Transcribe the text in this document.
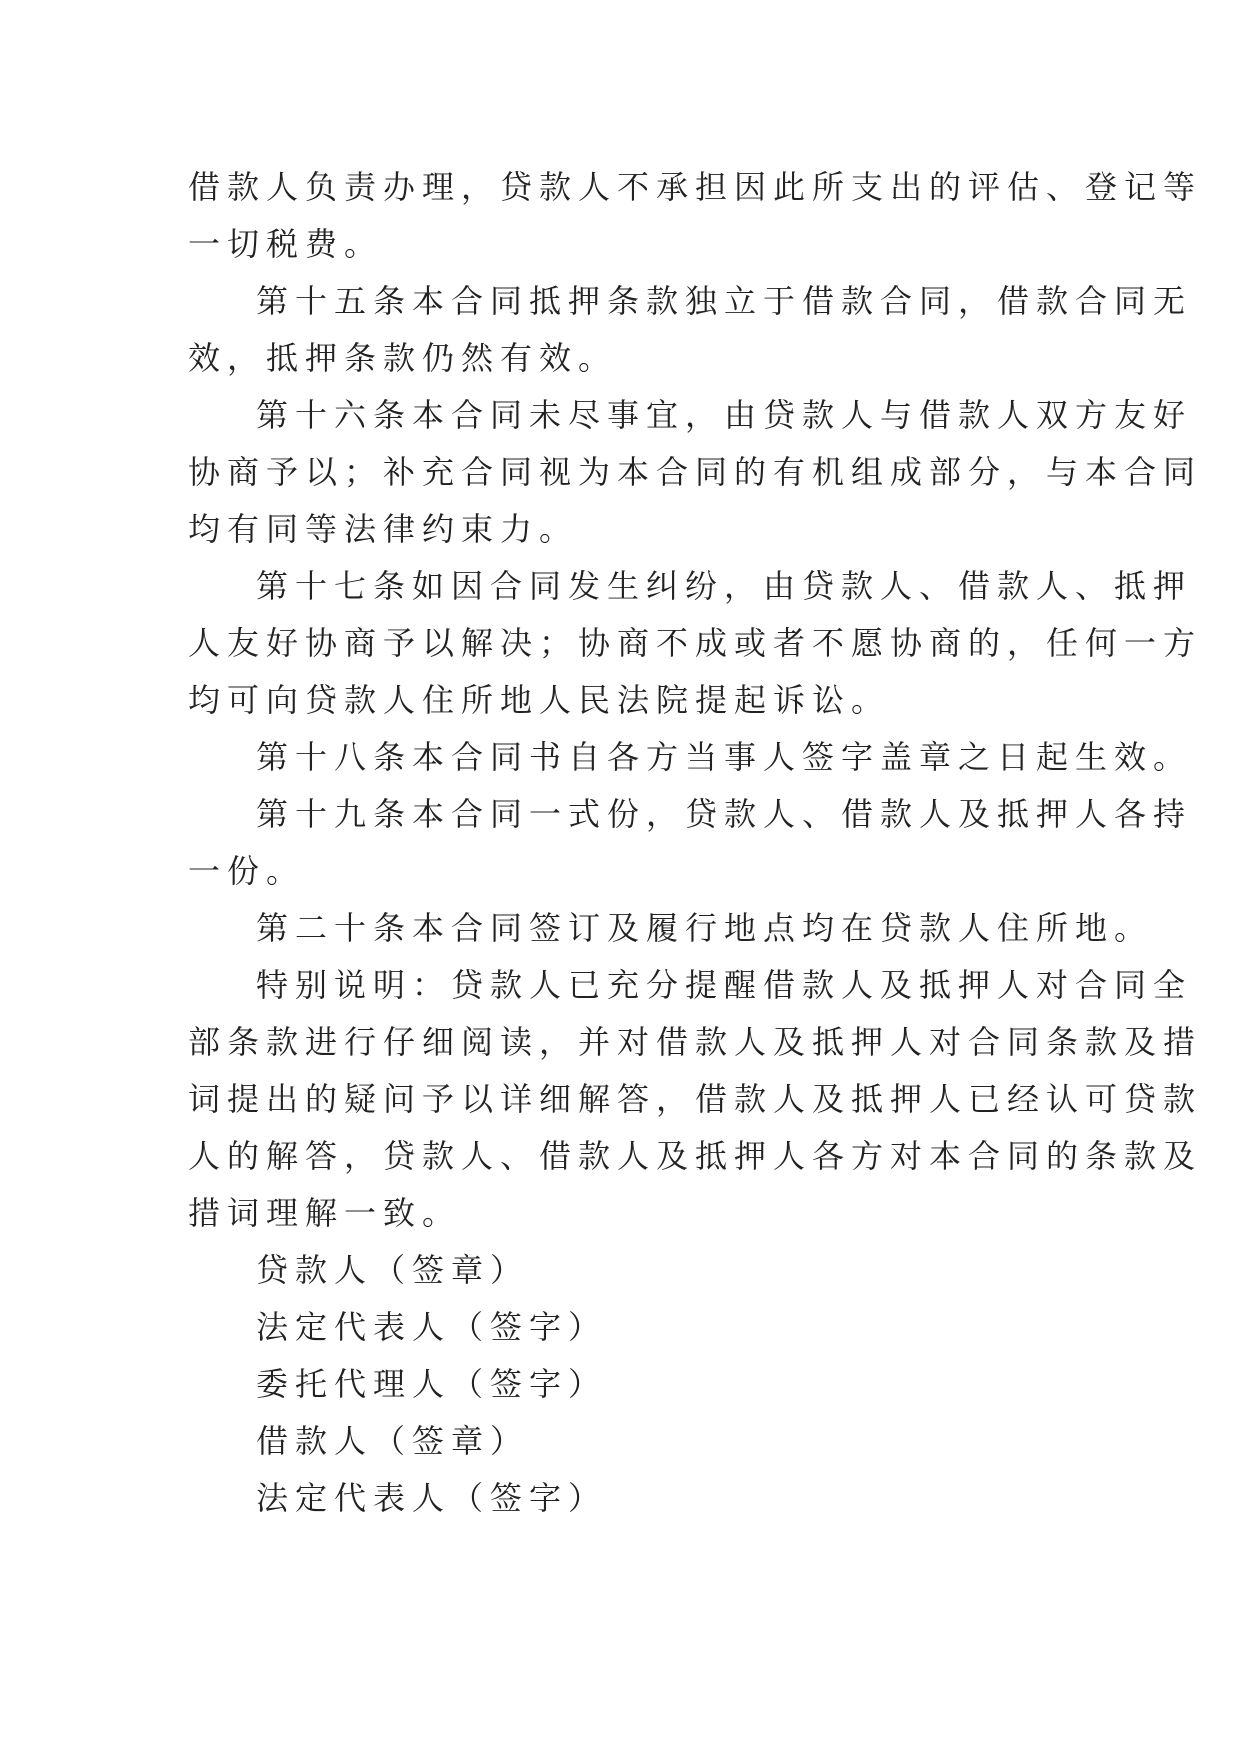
借款人负责办理，贷款人不承担因此所支出的评估、登记等
一切税费。
第十五条本合同抵押条款独立于借款合同，借款合同无
效，抵押条款仍然有效。
第十六条本合同未尽事宜，由贷款人与借款人双方友好
协商予以；补充合同视为本合同的有机组成部分，与本合同
均有同等法律约束力。
第十七条如因合同发生纠纷，由贷款人、借款人、抵押
人友好协商予以解决；协商不成或者不愿协商的，任何一方
均可向贷款人住所地人民法院提起诉讼。
第十八条本合同书自各方当事人签字盖章之日起生效。
第十九条本合同一式份，贷款人、借款人及抵押人各持
一份。
第二十条本合同签订及履行地点均在贷款人住所地。
特别说明：贷款人已充分提醒借款人及抵押人对合同全
部条款进行仔细阅读，并对借款人及抵押人对合同条款及措
词提出的疑问予以详细解答，借款人及抵押人已经认可贷款
人的解答，贷款人、借款人及抵押人各方对本合同的条款及
措词理解一致。
贷款人（签章）
法定代表人（签字）
委托代理人（签字）
借款人（签章）
法定代表人（签字）
